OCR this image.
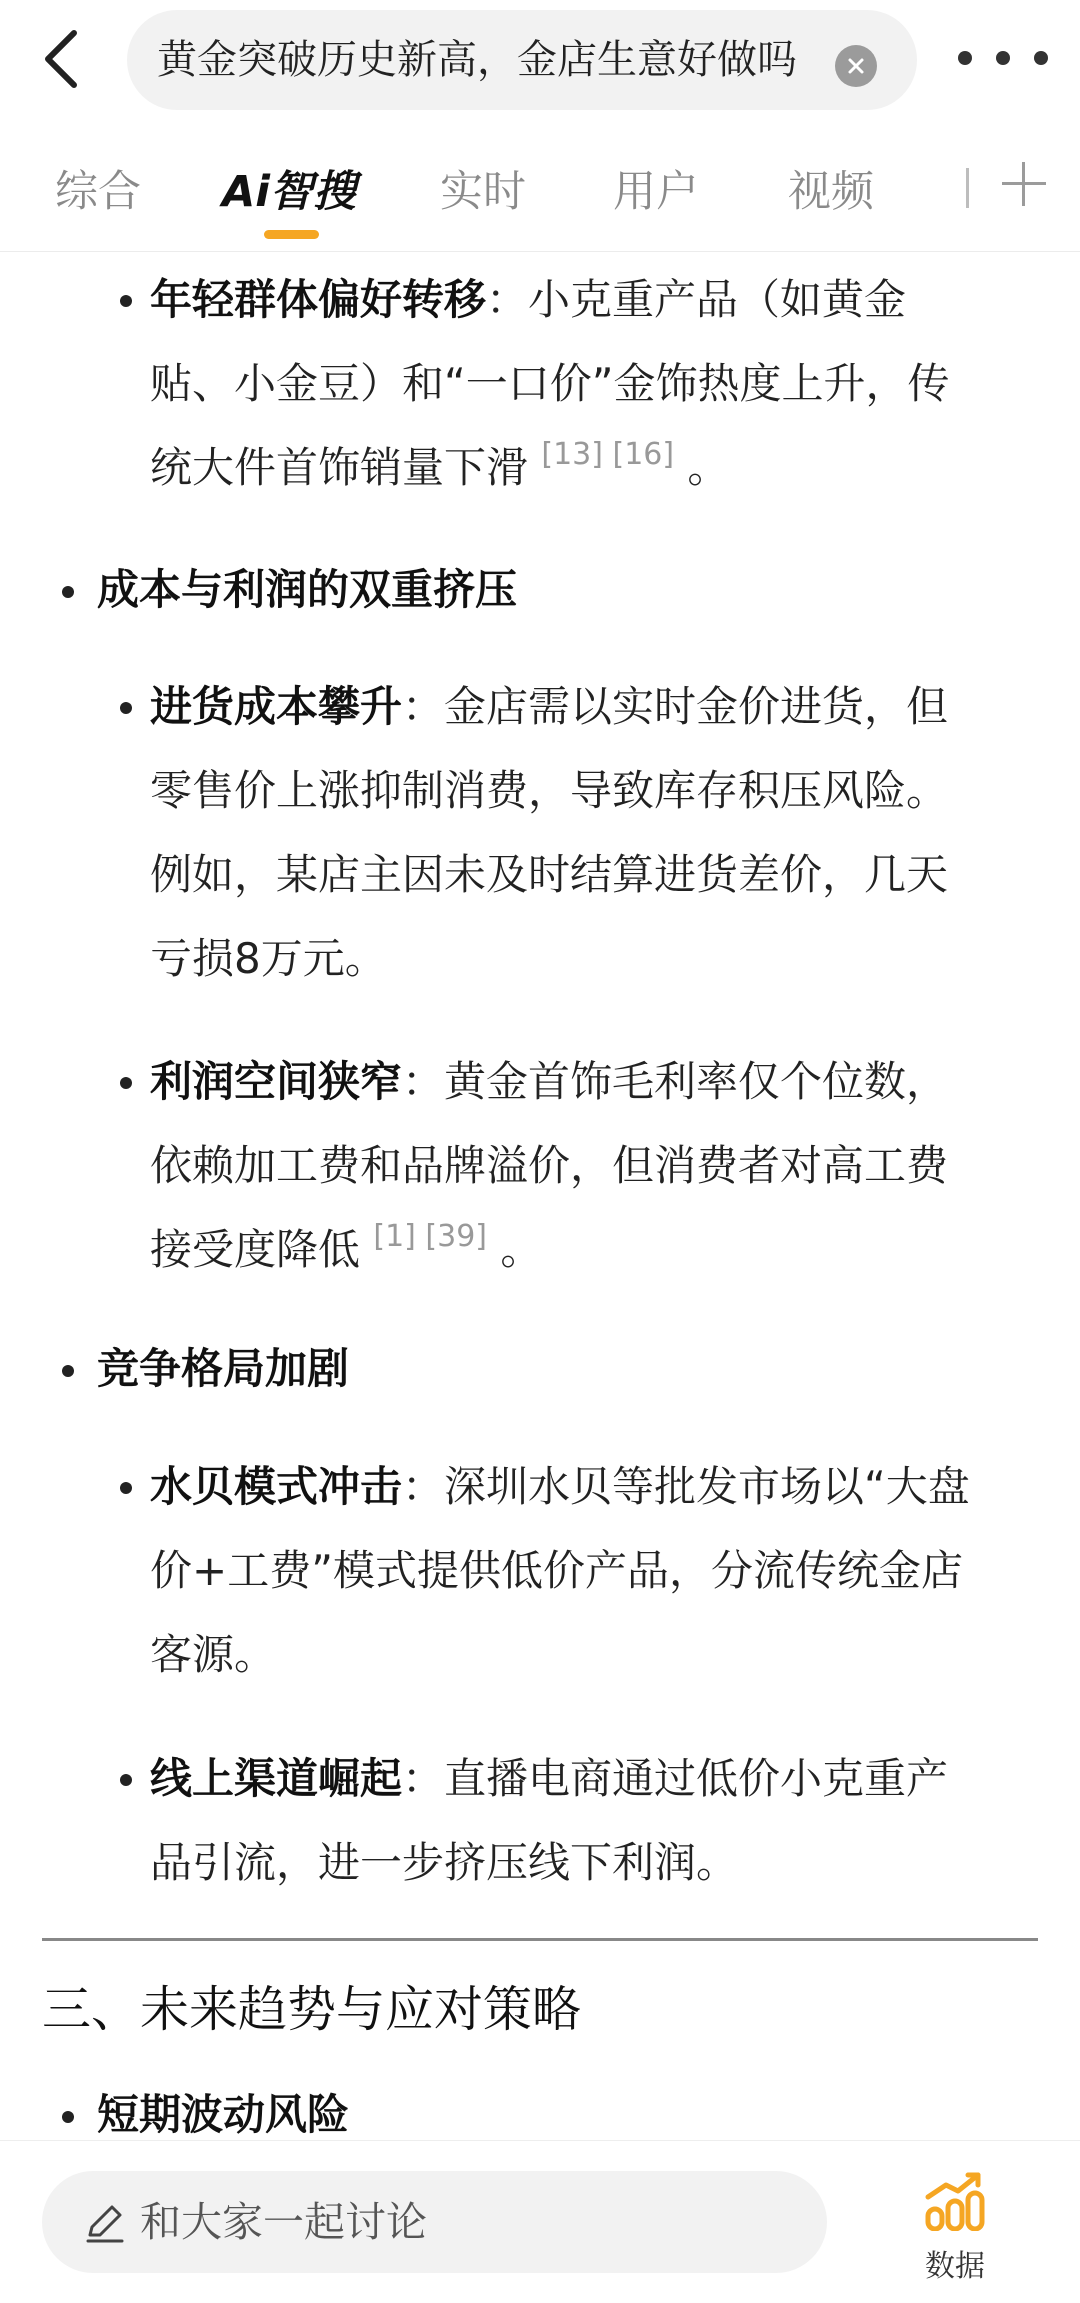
黄金突破历史新高，金店生意好做吗
综合 Ai智搜 实时 用户 视频
年轻群体偏好转移：小克重产品（如黄金
贴、小金豆）和“一口价”金饰热度上升，传
统大件首饰销量下滑 [13] [16] 。
成本与利润的双重挤压
进货成本攀升：金店需以实时金价进货，但
零售价上涨抑制消费，导致库存积压风险。
例如，某店主因未及时结算进货差价，几天
亏损8万元。
利润空间狭窄：黄金首饰毛利率仅个位数，
依赖加工费和品牌溢价，但消费者对高工费
接受度降低 [1] [39] 。
竞争格局加剧
水贝模式冲击：深圳水贝等批发市场以“大盘
价+工费”模式提供低价产品，分流传统金店
客源。
线上渠道崛起：直播电商通过低价小克重产
品引流，进一步挤压线下利润。
三、未来趋势与应对策略
短期波动风险
和大家一起讨论
数据
